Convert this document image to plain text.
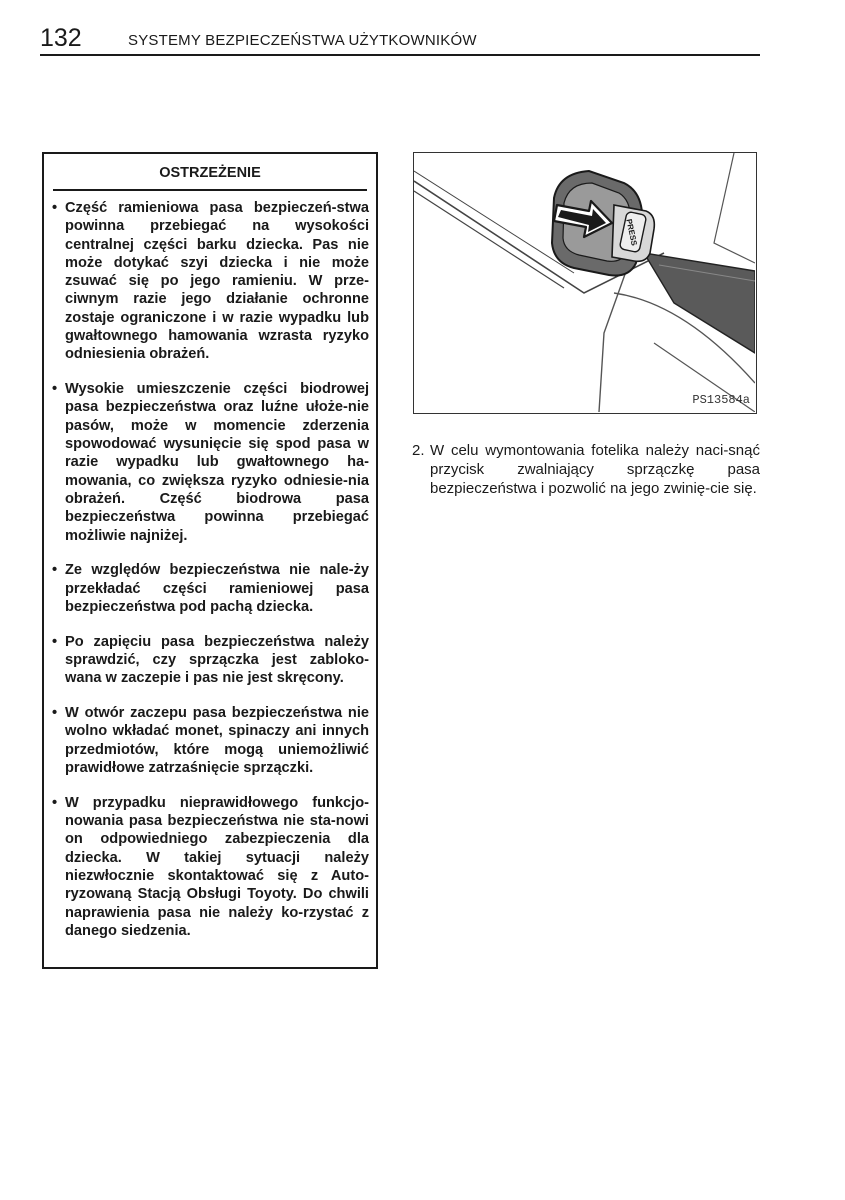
132	SYSTEMY BEZPIECZEŃSTWA UŻYTKOWNIKÓW
OSTRZEŻENIE
• Część ramieniowa pasa bezpieczeń-stwa powinna przebiegać na wysokości centralnej części barku dziecka. Pas nie może dotykać szyi dziecka i nie może zsuwać się po jego ramieniu. W prze-ciwnym razie jego działanie ochronne zostaje ograniczone i w razie wypadku lub gwałtownego hamowania wzrasta ryzyko odniesienia obrażeń.
• Wysokie umieszczenie części biodrowej pasa bezpieczeństwa oraz luźne ułoże-nie pasów, może w momencie zderzenia spowodować wysunięcie się spod pasa w razie wypadku lub gwałtownego ha-mowania, co zwiększa ryzyko odniesie-nia obrażeń. Część biodrowa pasa bezpieczeństwa powinna przebiegać możliwie najniżej.
• Ze względów bezpieczeństwa nie nale-ży przekładać części ramieniowej pasa bezpieczeństwa pod pachą dziecka.
• Po zapięciu pasa bezpieczeństwa należy sprawdzić, czy sprzączka jest zabloko-wana w zaczepie i pas nie jest skręcony.
• W otwór zaczepu pasa bezpieczeństwa nie wolno wkładać monet, spinaczy ani innych przedmiotów, które mogą uniemożliwić prawidłowe zatrzaśnięcie sprzączki.
• W przypadku nieprawidłowego funkcjo-nowania pasa bezpieczeństwa nie sta-nowi on odpowiedniego zabezpieczenia dla dziecka. W takiej sytuacji należy niezwłocznie skontaktować się z Auto-ryzowaną Stacją Obsługi Toyoty. Do chwili naprawienia pasa nie należy ko-rzystać z danego siedzenia.
PRESS
PS13584a
2. W celu wymontowania fotelika należy naci-snąć przycisk zwalniający sprzączkę pasa bezpieczeństwa i pozwolić na jego zwinię-cie się.
